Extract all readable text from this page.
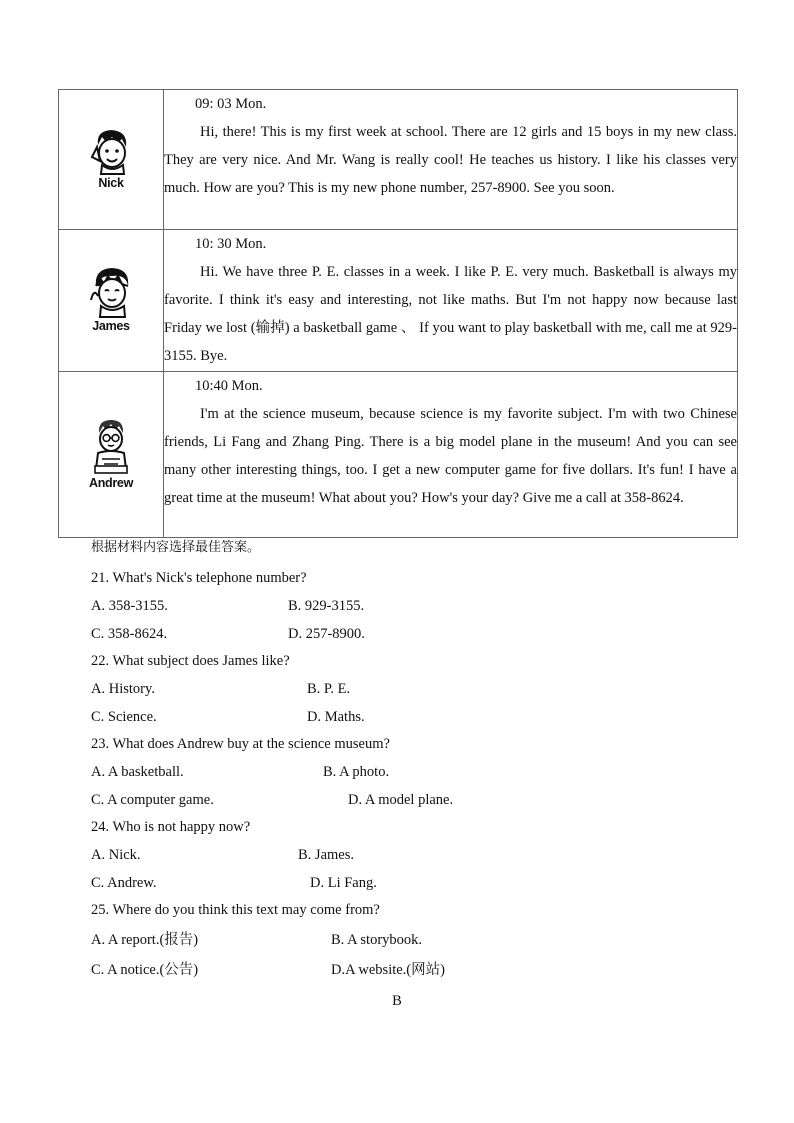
Nick	09: 03 Mon.
Hi, there! This is my first week at school. There are 12 girls and 15 boys in my new class. They are very nice. And Mr. Wang is really cool! He teaches us history. I like his classes very much. How are you? This is my new phone number, 257-8900. See you soon.

James	10: 30 Mon.
Hi. We have three P. E. classes in a week. I like P. E. very much. Basketball is always my favorite. I think it's easy and interesting, not like maths. But I'm not happy now because last Friday we lost (输掉) a basketball game 、 If you want to play basketball with me, call me at 929-3155. Bye.

Andrew	10:40 Mon.
I'm at the science museum, because science is my favorite subject. I'm with two Chinese friends, Li Fang and Zhang Ping. There is a big model plane in the museum! And you can see many other interesting things, too. I get a new computer game for five dollars. It's fun! I have a great time at the museum! What about you? How's your day? Give me a call at 358-8624.
根据材料内容选择最佳答案。
21. What's Nick's telephone number?
A. 358-3155.	B. 929-3155.
C. 358-8624.	D. 257-8900.
22. What subject does James like?
A. History.	B. P. E.
C. Science.	D. Maths.
23. What does Andrew buy at the science museum?
A. A basketball.	B. A photo.
C. A computer game.	D. A model plane.
24. Who is not happy now?
A. Nick.	B. James.
C. Andrew.	D. Li Fang.
25. Where do you think this text may come from?
A. A report.(报告)	B. A storybook.
C. A notice.(公告)	D.A website.(网站)
B
